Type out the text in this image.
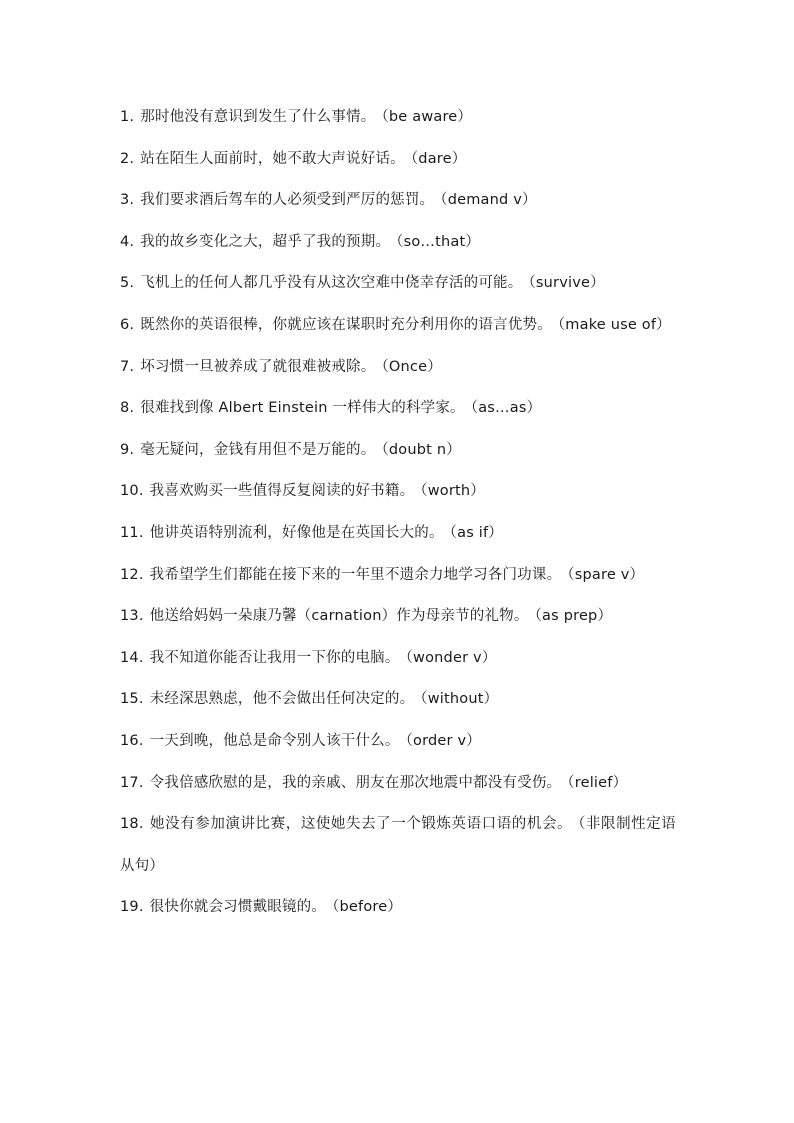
1. 那时他没有意识到发生了什么事情。 （be aware）

2. 站在陌生人面前时，她不敢大声说好话。 （dare）

3. 我们要求酒后驾车的人必须受到严厉的惩罚。 （demand v）

4. 我的故乡变化之大，超乎了我的预期。 （so…that）

5. 飞机上的任何人都几乎没有从这次空难中侥幸存活的可能。 （survive）

6. 既然你的英语很棒，你就应该在谋职时充分利用你的语言优势。 （make use of）

7. 坏习惯一旦被养成了就很难被戒除。 （Once）

8. 很难找到像 Albert Einstein 一样伟大的科学家。 （as…as）

9. 毫无疑问，金钱有用但不是万能的。 （doubt n）

10. 我喜欢购买一些值得反复阅读的好书籍。 （worth）

11. 他讲英语特别流利，好像他是在英国长大的。 （as if）

12. 我希望学生们都能在接下来的一年里不遗余力地学习各门功课。 （spare v）

13. 他送给妈妈一朵康乃馨（carnation）作为母亲节的礼物。 （as prep）

14. 我不知道你能否让我用一下你的电脑。 （wonder v）

15. 未经深思熟虑，他不会做出任何决定的。 （without）

16. 一天到晚，他总是命令别人该干什么。 （order v）

17. 令我倍感欣慰的是，我的亲戚、朋友在那次地震中都没有受伤。 （relief）

18. 她没有参加演讲比赛，这使她失去了一个锻炼英语口语的机会。 （非限制性定语从句）

19. 很快你就会习惯戴眼镜的。 （before）
